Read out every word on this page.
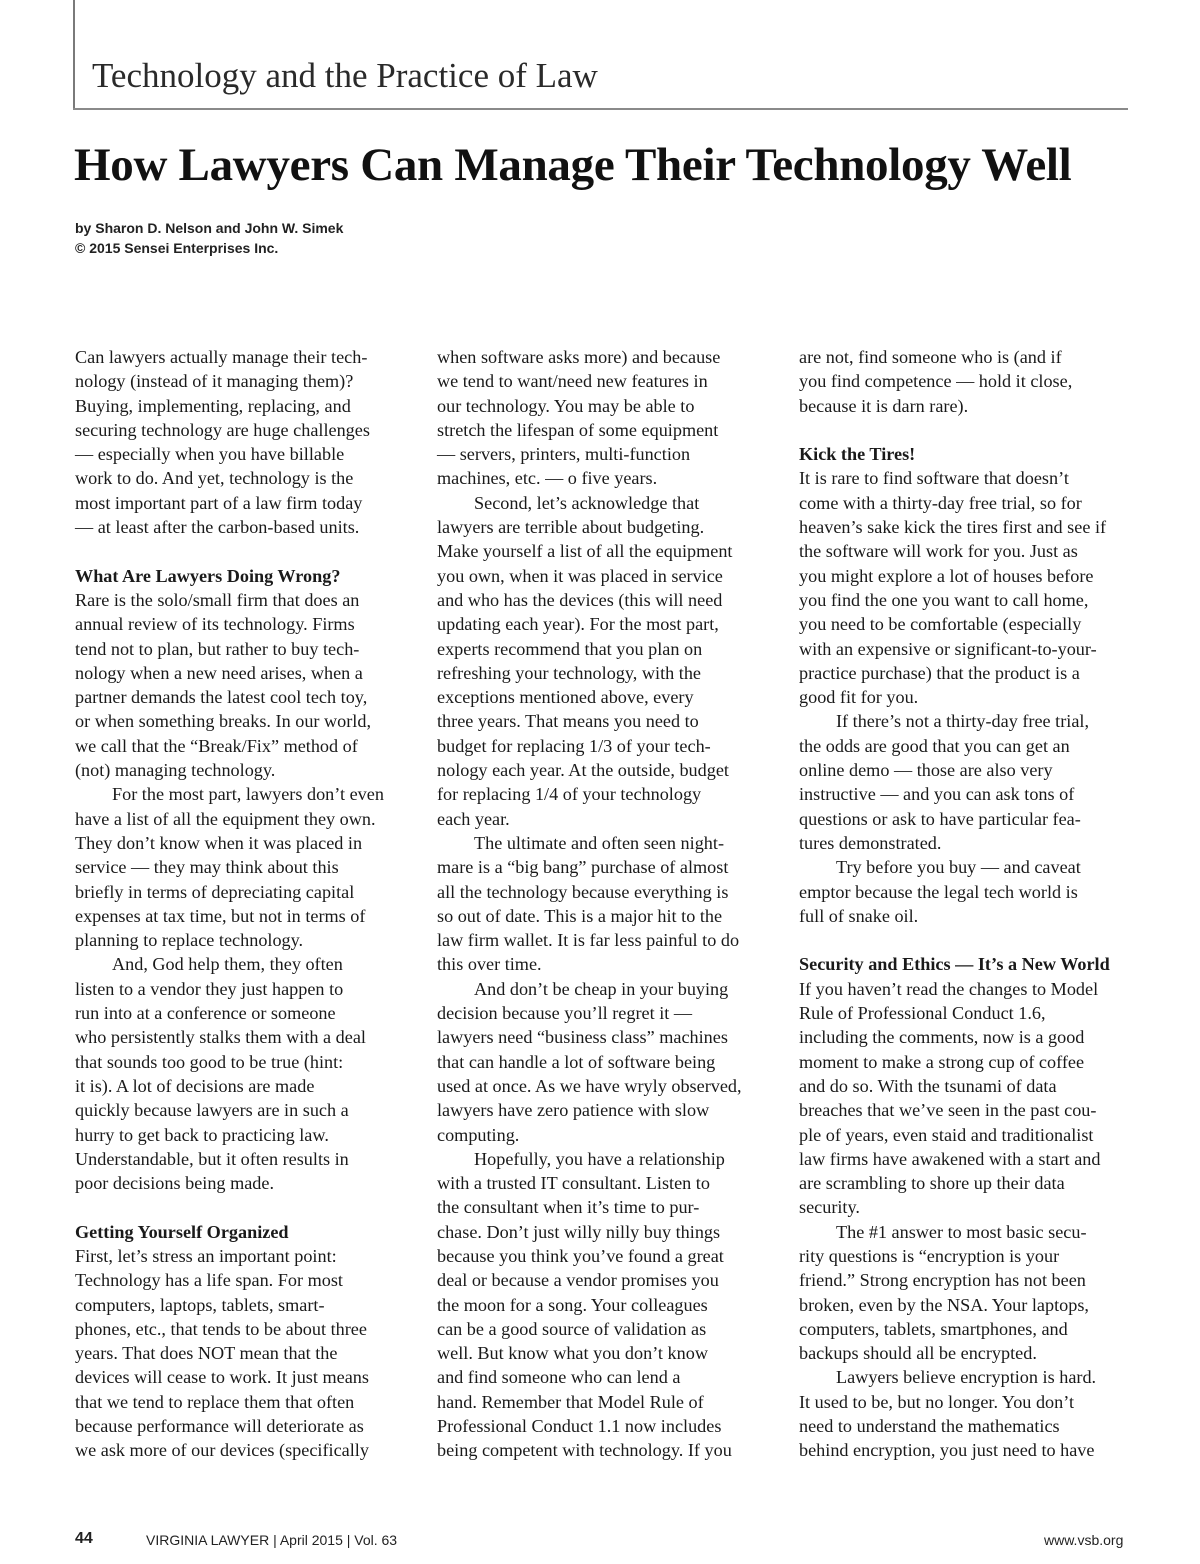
Technology and the Practice of Law
How Lawyers Can Manage Their Technology Well
by Sharon D. Nelson and John W. Simek
© 2015 Sensei Enterprises Inc.
Can lawyers actually manage their tech-
nology (instead of it managing them)?
Buying, implementing, replacing, and
securing technology are huge challenges
— especially when you have billable
work to do. And yet, technology is the
most important part of a law firm today
— at least after the carbon-based units.
What Are Lawyers Doing Wrong?
Rare is the solo/small firm that does an
annual review of its technology. Firms
tend not to plan, but rather to buy tech-
nology when a new need arises, when a
partner demands the latest cool tech toy,
or when something breaks. In our world,
we call that the “Break/Fix” method of
(not) managing technology.
For the most part, lawyers don’t even
have a list of all the equipment they own.
They don’t know when it was placed in
service — they may think about this
briefly in terms of depreciating capital
expenses at tax time, but not in terms of
planning to replace technology.
And, God help them, they often
listen to a vendor they just happen to
run into at a conference or someone
who persistently stalks them with a deal
that sounds too good to be true (hint:
it is). A lot of decisions are made
quickly because lawyers are in such a
hurry to get back to practicing law.
Understandable, but it often results in
poor decisions being made.
Getting Yourself Organized
First, let’s stress an important point:
Technology has a life span. For most
computers, laptops, tablets, smart-
phones, etc., that tends to be about three
years. That does NOT mean that the
devices will cease to work. It just means
that we tend to replace them that often
because performance will deteriorate as
we ask more of our devices (specifically
when software asks more) and because
we tend to want/need new features in
our technology. You may be able to
stretch the lifespan of some equipment
— servers, printers, multi-function
machines, etc. — o five years.
Second, let’s acknowledge that
lawyers are terrible about budgeting.
Make yourself a list of all the equipment
you own, when it was placed in service
and who has the devices (this will need
updating each year). For the most part,
experts recommend that you plan on
refreshing your technology, with the
exceptions mentioned above, every
three years. That means you need to
budget for replacing 1/3 of your tech-
nology each year. At the outside, budget
for replacing 1/4 of your technology
each year.
The ultimate and often seen night-
mare is a “big bang” purchase of almost
all the technology because everything is
so out of date. This is a major hit to the
law firm wallet. It is far less painful to do
this over time.
And don’t be cheap in your buying
decision because you’ll regret it —
lawyers need “business class” machines
that can handle a lot of software being
used at once. As we have wryly observed,
lawyers have zero patience with slow
computing.
Hopefully, you have a relationship
with a trusted IT consultant. Listen to
the consultant when it’s time to pur-
chase. Don’t just willy nilly buy things
because you think you’ve found a great
deal or because a vendor promises you
the moon for a song. Your colleagues
can be a good source of validation as
well. But know what you don’t know
and find someone who can lend a
hand. Remember that Model Rule of
Professional Conduct 1.1 now includes
being competent with technology. If you
are not, find someone who is (and if
you find competence — hold it close,
because it is darn rare).
Kick the Tires!
It is rare to find software that doesn’t
come with a thirty-day free trial, so for
heaven’s sake kick the tires first and see if
the software will work for you. Just as
you might explore a lot of houses before
you find the one you want to call home,
you need to be comfortable (especially
with an expensive or significant-to-your-
practice purchase) that the product is a
good fit for you.
If there’s not a thirty-day free trial,
the odds are good that you can get an
online demo — those are also very
instructive — and you can ask tons of
questions or ask to have particular fea-
tures demonstrated.
Try before you buy — and caveat
emptor because the legal tech world is
full of snake oil.
Security and Ethics — It’s a New World
If you haven’t read the changes to Model
Rule of Professional Conduct 1.6,
including the comments, now is a good
moment to make a strong cup of coffee
and do so. With the tsunami of data
breaches that we’ve seen in the past cou-
ple of years, even staid and traditionalist
law firms have awakened with a start and
are scrambling to shore up their data
security.
The #1 answer to most basic secu-
rity questions is “encryption is your
friend.” Strong encryption has not been
broken, even by the NSA. Your laptops,
computers, tablets, smartphones, and
backups should all be encrypted.
Lawyers believe encryption is hard.
It used to be, but no longer. You don’t
need to understand the mathematics
behind encryption, you just need to have
44	VIRGINIA LAWYER | April 2015 | Vol. 63	www.vsb.org
